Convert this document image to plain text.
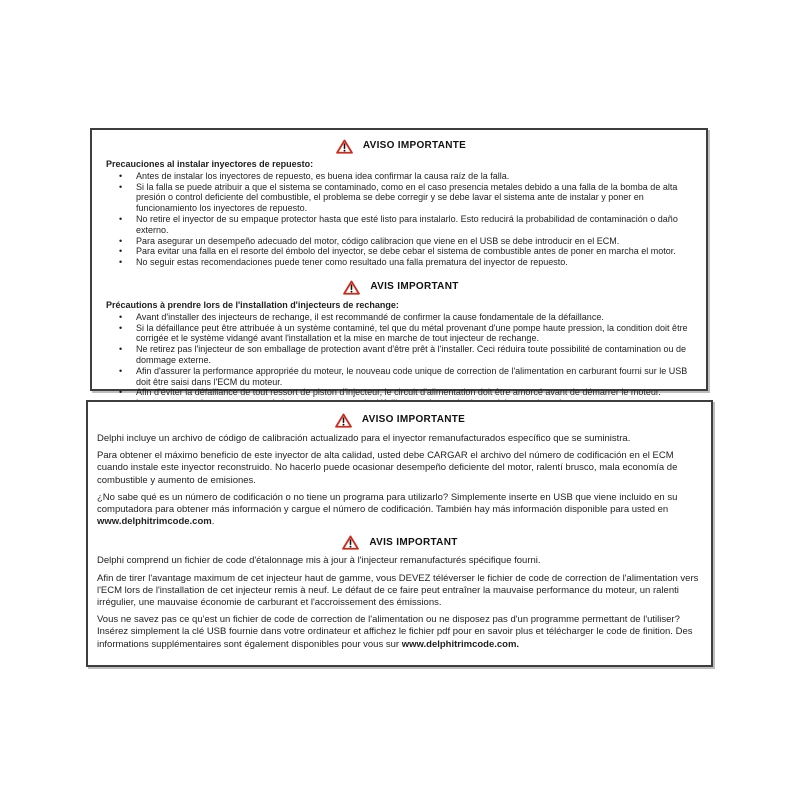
AVISO IMPORTANTE
Precauciones al instalar inyectores de repuesto:
•
Antes de instalar los inyectores de repuesto, es buena idea confirmar la causa raíz de la falla.
•
Si la falla se puede atribuir a que el sistema se contaminado, como en el caso presencia metales debido a una falla de la bomba de alta presión o control deficiente del combustible, el problema se debe corregir y se debe lavar el sistema ante de instalar y poner en funcionamiento los inyectores de repuesto.
•
No retire el inyector de su empaque protector hasta que esté listo para instalarlo. Esto reducirá la probabilidad de contaminación o daño externo.
•
Para asegurar un desempeño adecuado del motor, código calibracion que viene en el USB se debe introducir en el ECM.
•
Para evitar una falla en el resorte del émbolo del inyector, se debe cebar el sistema de combustible antes de poner en marcha el motor.
•
No seguir estas recomendaciones puede tener como resultado una falla prematura del inyector de repuesto.
AVIS IMPORTANT
Précautions à prendre lors de l'installation d'injecteurs de rechange:
•
Avant d'installer des injecteurs de rechange, il est recommandé de confirmer la cause fondamentale de la défaillance.
•
Si la défaillance peut être attribuée à un système contaminé, tel que du métal provenant d'une pompe haute pression, la condition doit être corrigée et le système vidangé avant l'installation et la mise en marche de tout injecteur de rechange.
•
Ne retirez pas l'injecteur de son emballage de protection avant d'être prêt à l'installer. Ceci réduira toute possibilité de contamination ou de dommage externe.
•
Afin d'assurer la performance appropriée du moteur, le nouveau code unique de correction de l'alimentation en carburant fourni sur le USB doit être saisi dans l'ECM du moteur.
•
Afin d'éviter la défaillance de tout ressort de piston d'injecteur, le circuit d'alimentation doit être amorcé avant de démarrer le moteur.
•
AVISO IMPORTANTE

Delphi incluye un archivo de código de calibración actualizado para el inyector remanufacturados específico que se suministra.

Para obtener el máximo beneficio de este inyector de alta calidad, usted debe CARGAR el archivo del número de codificación en el ECM cuando instale este inyector reconstruido. No hacerlo puede ocasionar desempeño deficiente del motor, ralentí brusco, mala economía de combustible y aumento de emisiones.

¿No sabe qué es un número de codificación o no tiene un programa para utilizarlo? Simplemente inserte en USB que viene incluido en su computadora para obtener más información y cargue el número de codificación. También hay más información disponible para usted en www.delphitrimcode.com.

AVIS IMPORTANT

Delphi comprend un fichier de code d'étalonnage mis à jour à l'injecteur remanufacturés spécifique fourni.

Afin de tirer l'avantage maximum de cet injecteur haut de gamme, vous DEVEZ téléverser le fichier de code de correction de l'alimentation vers l'ECM lors de l'installation de cet injecteur remis à neuf. Le défaut de ce faire peut entraîner la mauvaise performance du moteur, un ralenti irrégulier, une mauvaise économie de carburant et l'accroissement des émissions.

Vous ne savez pas ce qu'est un fichier de code de correction de l'alimentation ou ne disposez pas d'un programme permettant de l'utiliser? Insérez simplement la clé USB fournie dans votre ordinateur et affichez le fichier pdf pour en savoir plus et télécharger le code de finition. Des informations supplémentaires sont également disponibles pour vous sur www.delphitrimcode.com.
